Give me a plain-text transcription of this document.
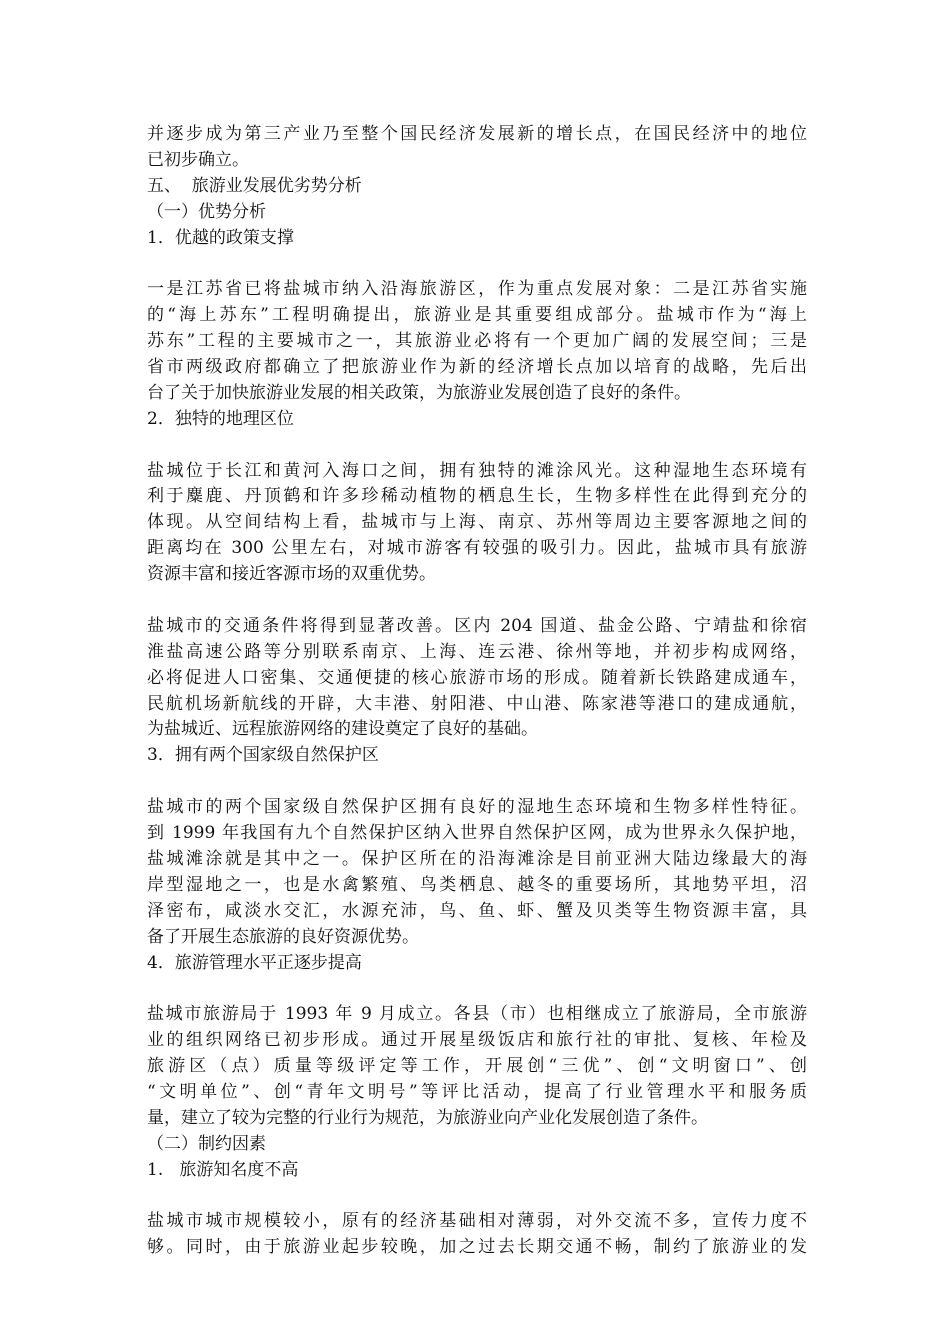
并逐步成为第三产业乃至整个国民经济发展新的增长点，在国民经济中的地位
已初步确立。
五、  旅游业发展优劣势分析
（一）优势分析
1．优越的政策支撑
一是江苏省已将盐城市纳入沿海旅游区，作为重点发展对象：二是江苏省实施
的“海上苏东”工程明确提出，旅游业是其重要组成部分。盐城市作为“海上
苏东”工程的主要城市之一，其旅游业必将有一个更加广阔的发展空间；三是
省市两级政府都确立了把旅游业作为新的经济增长点加以培育的战略，先后出
台了关于加快旅游业发展的相关政策，为旅游业发展创造了良好的条件。
2．独特的地理区位
盐城位于长江和黄河入海口之间，拥有独特的滩涂风光。这种湿地生态环境有
利于麋鹿、丹顶鹤和许多珍稀动植物的栖息生长，生物多样性在此得到充分的
体现。从空间结构上看，盐城市与上海、南京、苏州等周边主要客源地之间的
距离均在 300 公里左右，对城市游客有较强的吸引力。因此，盐城市具有旅游
资源丰富和接近客源市场的双重优势。
盐城市的交通条件将得到显著改善。区内 204 国道、盐金公路、宁靖盐和徐宿
淮盐高速公路等分别联系南京、上海、连云港、徐州等地，并初步构成网络，
必将促进人口密集、交通便捷的核心旅游市场的形成。随着新长铁路建成通车，
民航机场新航线的开辟，大丰港、射阳港、中山港、陈家港等港口的建成通航，
为盐城近、远程旅游网络的建设奠定了良好的基础。
3．拥有两个国家级自然保护区
盐城市的两个国家级自然保护区拥有良好的湿地生态环境和生物多样性特征。
到 1999 年我国有九个自然保护区纳入世界自然保护区网，成为世界永久保护地，
盐城滩涂就是其中之一。保护区所在的沿海滩涂是目前亚洲大陆边缘最大的海
岸型湿地之一，也是水禽繁殖、鸟类栖息、越冬的重要场所，其地势平坦，沼
泽密布，咸淡水交汇，水源充沛，鸟、鱼、虾、蟹及贝类等生物资源丰富，具
备了开展生态旅游的良好资源优势。
4．旅游管理水平正逐步提高
盐城市旅游局于 1993 年 9 月成立。各县（市）也相继成立了旅游局，全市旅游
业的组织网络已初步形成。通过开展星级饭店和旅行社的审批、复核、年检及
旅游区（点）质量等级评定等工作，开展创“三优”、创“文明窗口”、创
“文明单位”、创“青年文明号”等评比活动，提高了行业管理水平和服务质
量，建立了较为完整的行业行为规范，为旅游业向产业化发展创造了条件。
（二）制约因素
1.   旅游知名度不高
盐城市城市规模较小，原有的经济基础相对薄弱，对外交流不多，宣传力度不
够。同时，由于旅游业起步较晚，加之过去长期交通不畅，制约了旅游业的发
